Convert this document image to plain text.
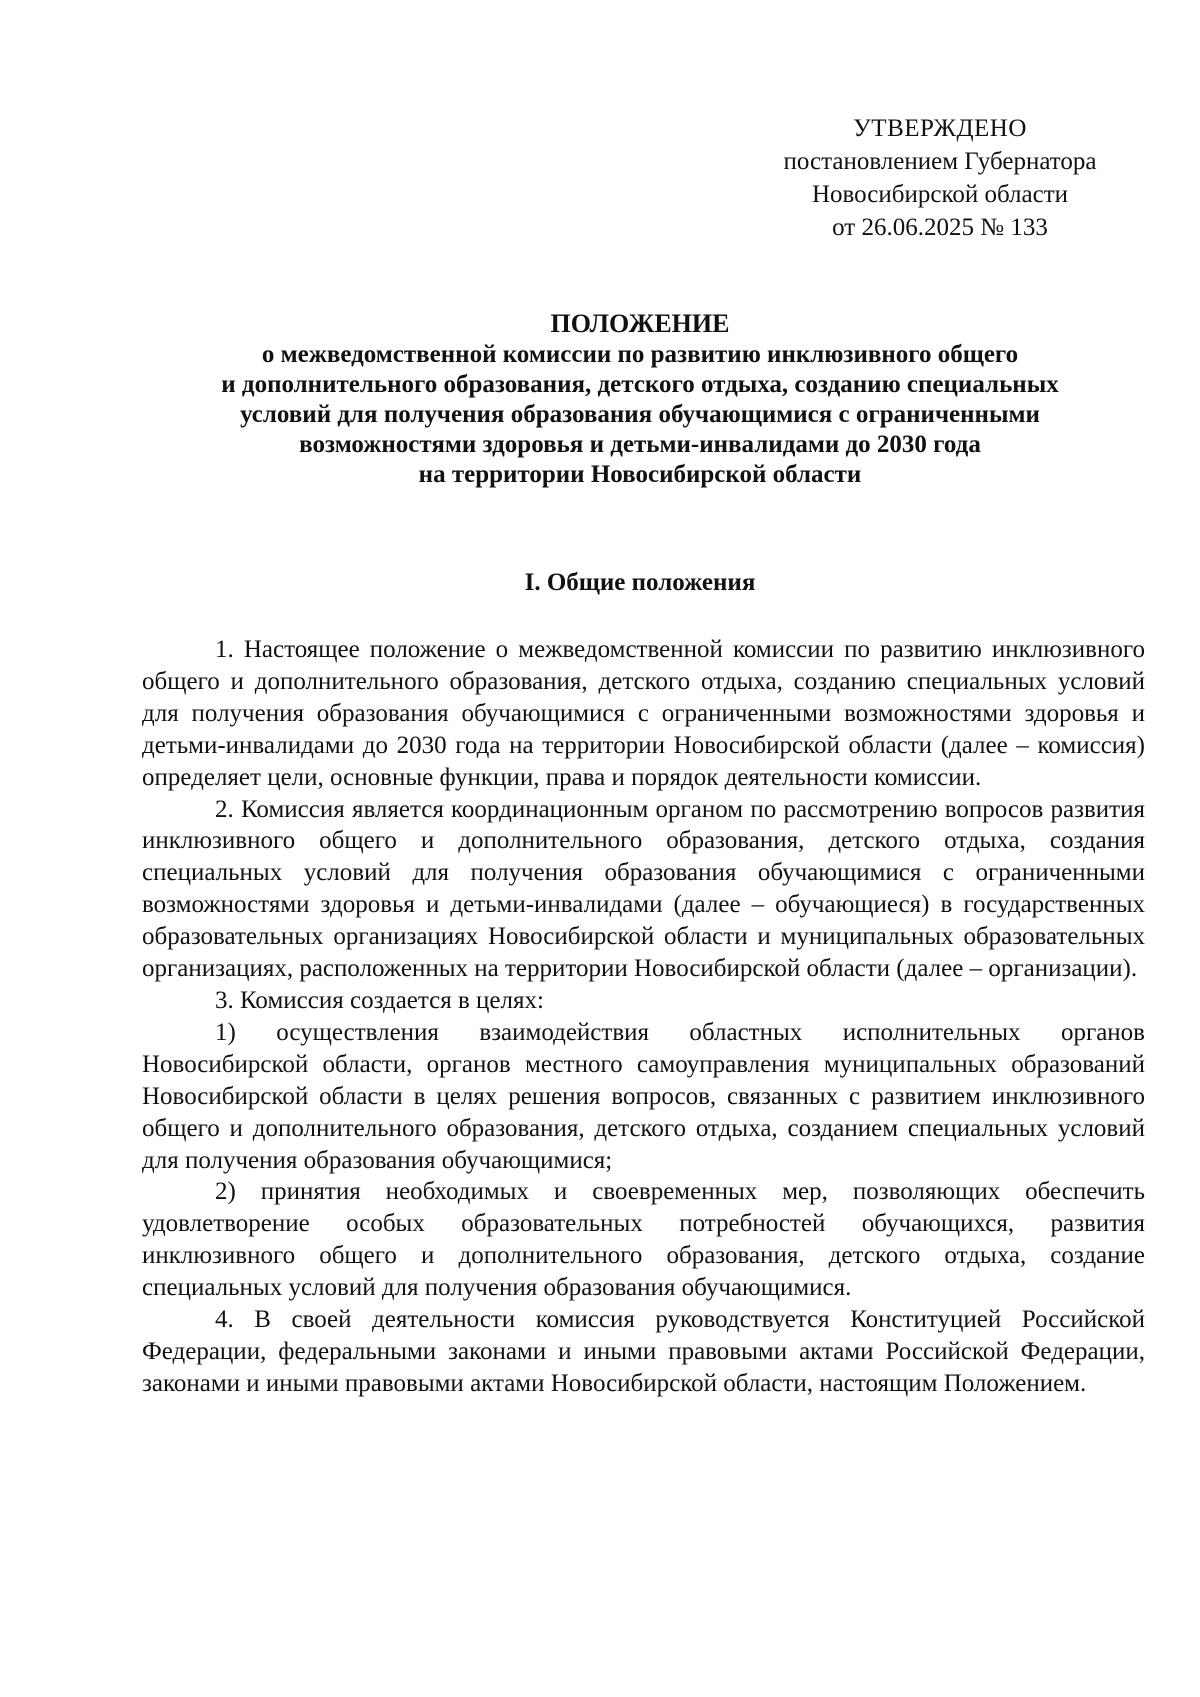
УТВЕРЖДЕНО
постановлением Губернатора
Новосибирской области
от 26.06.2025 № 133
ПОЛОЖЕНИЕ
о межведомственной комиссии по развитию инклюзивного общего
и дополнительного образования, детского отдыха, созданию специальных
условий для получения образования обучающимися с ограниченными
возможностями здоровья и детьми-инвалидами до 2030 года
на территории Новосибирской области
I. Общие положения

1. Настоящее положение о межведомственной комиссии по развитию инклюзивного общего и дополнительного образования, детского отдыха, созданию специальных условий для получения образования обучающимися с ограниченными возможностями здоровья и детьми-инвалидами до 2030 года на территории Новосибирской области (далее – комиссия) определяет цели, основные функции, права и порядок деятельности комиссии.

2. Комиссия является координационным органом по рассмотрению вопросов развития инклюзивного общего и дополнительного образования, детского отдыха, создания специальных условий для получения образования обучающимися с ограниченными возможностями здоровья и детьми-инвалидами (далее – обучающиеся) в государственных образовательных организациях Новосибирской области и муниципальных образовательных организациях, расположенных на территории Новосибирской области (далее – организации).

3. Комиссия создается в целях:

1) осуществления взаимодействия областных исполнительных органов Новосибирской области, органов местного самоуправления муниципальных образований Новосибирской области в целях решения вопросов, связанных с развитием инклюзивного общего и дополнительного образования, детского отдыха, созданием специальных условий для получения образования обучающимися;

2) принятия необходимых и своевременных мер, позволяющих обеспечить удовлетворение особых образовательных потребностей обучающихся, развития инклюзивного общего и дополнительного образования, детского отдыха, создание специальных условий для получения образования обучающимися.

4. В своей деятельности комиссия руководствуется Конституцией Российской Федерации, федеральными законами и иными правовыми актами Российской Федерации, законами и иными правовыми актами Новосибирской области, настоящим Положением.
